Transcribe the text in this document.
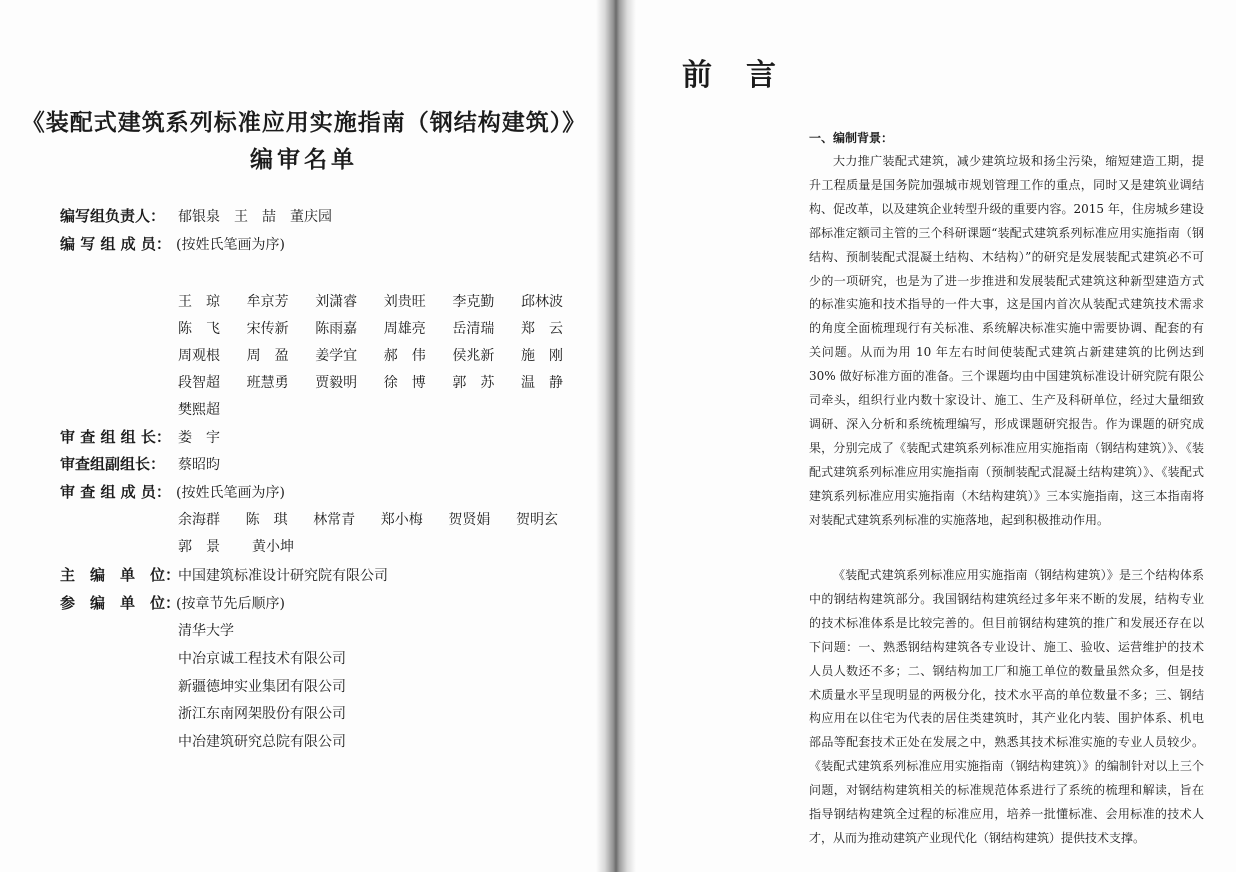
《装配式建筑系列标准应用实施指南（钢结构建筑）》
编审名单
编写组负责人： 郁银泉　王　喆　董庆园
编 写 组 成 员： (按姓氏笔画为序)
王　琼 牟京芳 刘潇睿 刘贵旺 李克勤 邱林波
陈　飞 宋传新 陈雨嘉 周雄亮 岳清瑞 郑　云
周观根 周　盈 姜学宜 郝　伟 侯兆新 施　刚
段智超 班慧勇 贾毅明 徐　博 郭　苏 温　静
樊熙超
审 查 组 组 长： 娄　宇
审查组副组长： 蔡昭昀
审 查 组 成 员： (按姓氏笔画为序)
余海群 陈　琪 林常青 郑小梅 贺贤娟 贺明玄
郭　景 黄小坤
主　编　单　位：
中国建筑标准设计研究院有限公司
参　编　单　位：
(按章节先后顺序)
清华大学
中冶京诚工程技术有限公司
新疆德坤实业集团有限公司
浙江东南网架股份有限公司
中冶建筑研究总院有限公司
前言
一、编制背景：

大力推广装配式建筑，减少建筑垃圾和扬尘污染，缩短建造工期，提升工程质量是国务院加强城市规划管理工作的重点，同时又是建筑业调结构、促改革，以及建筑企业转型升级的重要内容。2015 年，住房城乡建设部标准定额司主管的三个科研课题“装配式建筑系列标准应用实施指南（钢结构、预制装配式混凝土结构、木结构）”的研究是发展装配式建筑必不可少的一项研究，也是为了进一步推进和发展装配式建筑这种新型建造方式的标准实施和技术指导的一件大事，这是国内首次从装配式建筑技术需求的角度全面梳理现行有关标准、系统解决标准实施中需要协调、配套的有关问题。从而为用 10 年左右时间使装配式建筑占新建建筑的比例达到 30% 做好标准方面的准备。三个课题均由中国建筑标准设计研究院有限公司牵头，组织行业内数十家设计、施工、生产及科研单位，经过大量细致调研、深入分析和系统梳理编写，形成课题研究报告。作为课题的研究成果，分别完成了《装配式建筑系列标准应用实施指南（钢结构建筑）》、《装配式建筑系列标准应用实施指南（预制装配式混凝土结构建筑）》、《装配式建筑系列标准应用实施指南（木结构建筑）》三本实施指南，这三本指南将对装配式建筑系列标准的实施落地，起到积极推动作用。

《装配式建筑系列标准应用实施指南（钢结构建筑）》是三个结构体系中的钢结构建筑部分。我国钢结构建筑经过多年来不断的发展，结构专业的技术标准体系是比较完善的。但目前钢结构建筑的推广和发展还存在以下问题：一、熟悉钢结构建筑各专业设计、施工、验收、运营维护的技术人员人数还不多；二、钢结构加工厂和施工单位的数量虽然众多，但是技术质量水平呈现明显的两极分化，技术水平高的单位数量不多；三、钢结构应用在以住宅为代表的居住类建筑时，其产业化内装、围护体系、机电部品等配套技术正处在发展之中，熟悉其技术标准实施的专业人员较少。《装配式建筑系列标准应用实施指南（钢结构建筑）》的编制针对以上三个问题，对钢结构建筑相关的标准规范体系进行了系统的梳理和解读，旨在指导钢结构建筑全过程的标准应用，培养一批懂标准、会用标准的技术人才，从而为推动建筑产业现代化（钢结构建筑）提供技术支撑。
